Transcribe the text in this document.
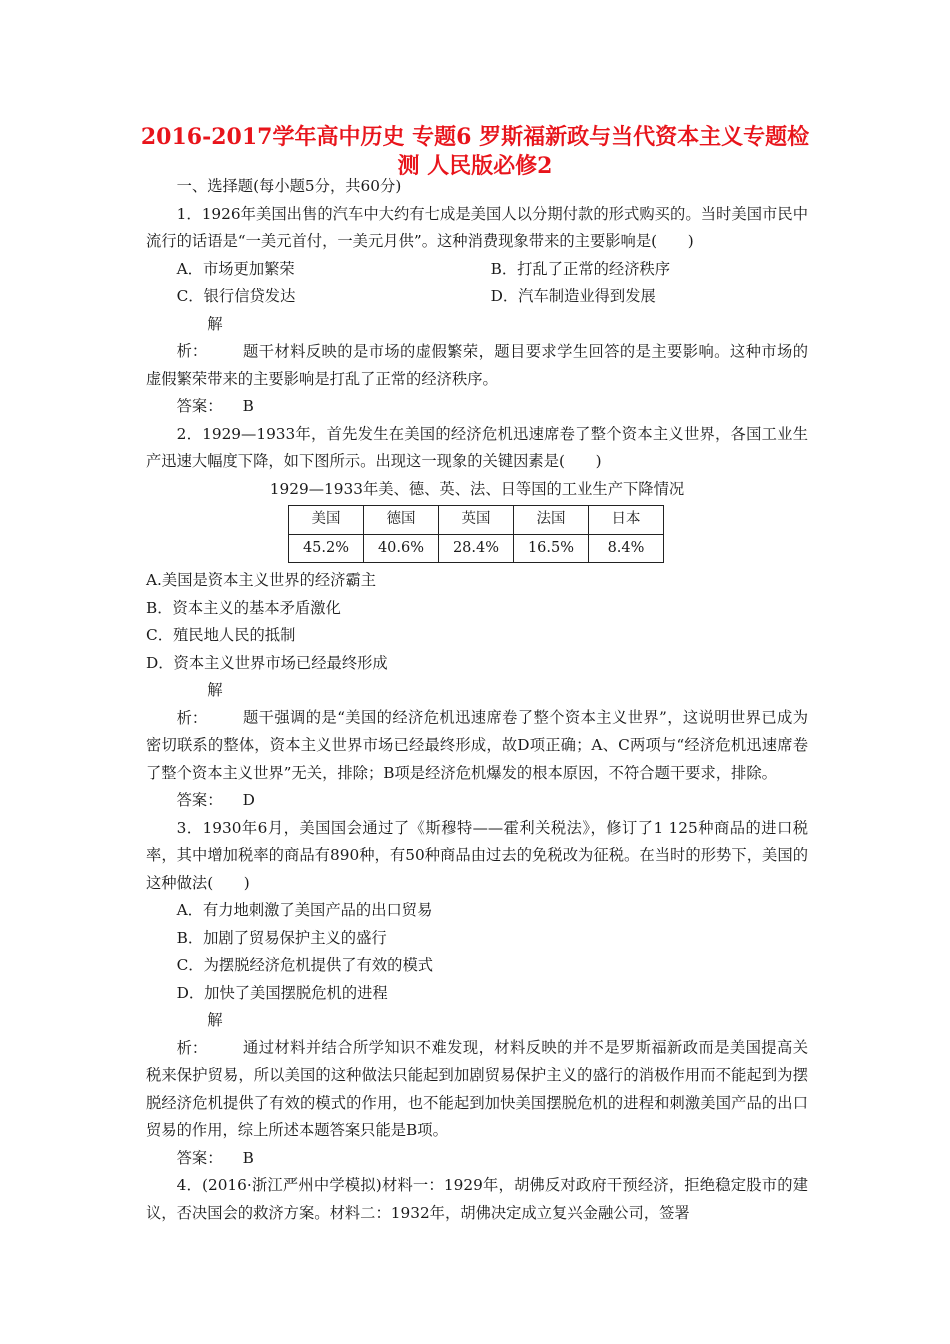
2016-2017学年高中历史 专题6 罗斯福新政与当代资本主义专题检
测 人民版必修2

一、选择题(每小题5分，共60分)

1．1926年美国出售的汽车中大约有七成是美国人以分期付款的形式购买的。当时美国市民中流行的话语是“一美元首付，一美元月供”。这种消费现象带来的主要影响是(　　)

A．市场更加繁荣	B．打乱了正常的经济秩序
C．银行信贷发达	D．汽车制造业得到发展

解析： 题干材料反映的是市场的虚假繁荣，题目要求学生回答的是主要影响。这种市场的虚假繁荣带来的主要影响是打乱了正常的经济秩序。

答案： B

2．1929—1933年，首先发生在美国的经济危机迅速席卷了整个资本主义世界，各国工业生产迅速大幅度下降，如下图所示。出现这一现象的关键因素是(　　)

1929—1933年美、德、英、法、日等国的工业生产下降情况

美国	德国	英国	法国	日本
45.2%	40.6%	28.4%	16.5%	8.4%

A.美国是资本主义世界的经济霸主

B．资本主义的基本矛盾激化

C．殖民地人民的抵制

D．资本主义世界市场已经最终形成

解析： 题干强调的是“美国的经济危机迅速席卷了整个资本主义世界”，这说明世界已成为密切联系的整体，资本主义世界市场已经最终形成，故D项正确；A、C两项与“经济危机迅速席卷了整个资本主义世界”无关，排除；B项是经济危机爆发的根本原因，不符合题干要求，排除。

答案： D

3．1930年6月，美国国会通过了《斯穆特——霍利关税法》，修订了1 125种商品的进口税率，其中增加税率的商品有890种，有50种商品由过去的免税改为征税。在当时的形势下，美国的这种做法(　　)

A．有力地刺激了美国产品的出口贸易

B．加剧了贸易保护主义的盛行

C．为摆脱经济危机提供了有效的模式

D．加快了美国摆脱危机的进程

解析： 通过材料并结合所学知识不难发现，材料反映的并不是罗斯福新政而是美国提高关税来保护贸易，所以美国的这种做法只能起到加剧贸易保护主义的盛行的消极作用而不能起到为摆脱经济危机提供了有效的模式的作用，也不能起到加快美国摆脱危机的进程和刺激美国产品的出口贸易的作用，综上所述本题答案只能是B项。

答案： B

4．(2016·浙江严州中学模拟)材料一：1929年，胡佛反对政府干预经济，拒绝稳定股市的建议，否决国会的救济方案。材料二：1932年，胡佛决定成立复兴金融公司，签署
